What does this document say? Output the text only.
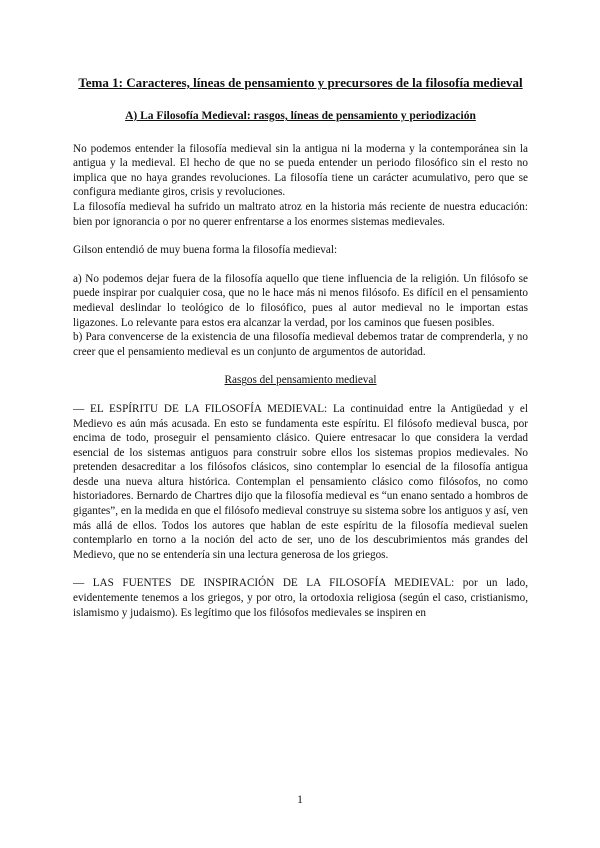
Tema 1: Caracteres, líneas de pensamiento y precursores de la filosofía medieval
A) La Filosofía Medieval: rasgos, líneas de pensamiento y periodización

No podemos entender la filosofía medieval sin la antigua ni la moderna y la contemporánea sin la antigua y la medieval. El hecho de que no se pueda entender un periodo filosófico sin el resto no implica que no haya grandes revoluciones. La filosofía tiene un carácter acumulativo, pero que se configura mediante giros, crisis y revoluciones.

La filosofía medieval ha sufrido un maltrato atroz en la historia más reciente de nuestra educación: bien por ignorancia o por no querer enfrentarse a los enormes sistemas medievales.

Gilson entendió de muy buena forma la filosofía medieval:

a) No podemos dejar fuera de la filosofía aquello que tiene influencia de la religión. Un filósofo se puede inspirar por cualquier cosa, que no le hace más ni menos filósofo. Es difícil en el pensamiento medieval deslindar lo teológico de lo filosófico, pues al autor medieval no le importan estas ligazones. Lo relevante para estos era alcanzar la verdad, por los caminos que fuesen posibles.

b) Para convencerse de la existencia de una filosofía medieval debemos tratar de comprenderla, y no creer que el pensamiento medieval es un conjunto de argumentos de autoridad.

Rasgos del pensamiento medieval

— EL ESPÍRITU DE LA FILOSOFÍA MEDIEVAL: La continuidad entre la Antigüedad y el Medievo es aún más acusada. En esto se fundamenta este espíritu. El filósofo medieval busca, por encima de todo, proseguir el pensamiento clásico. Quiere entresacar lo que considera la verdad esencial de los sistemas antiguos para construir sobre ellos los sistemas propios medievales. No pretenden desacreditar a los filósofos clásicos, sino contemplar lo esencial de la filosofía antigua desde una nueva altura histórica. Contemplan el pensamiento clásico como filósofos, no como historiadores. Bernardo de Chartres dijo que la filosofía medieval es “un enano sentado a hombros de gigantes”, en la medida en que el filósofo medieval construye su sistema sobre los antiguos y así, ven más allá de ellos. Todos los autores que hablan de este espíritu de la filosofía medieval suelen contemplarlo en torno a la noción del acto de ser, uno de los descubrimientos más grandes del Medievo, que no se entendería sin una lectura generosa de los griegos.

— LAS FUENTES DE INSPIRACIÓN DE LA FILOSOFÍA MEDIEVAL: por un lado, evidentemente tenemos a los griegos, y por otro, la ortodoxia religiosa (según el caso, cristianismo, islamismo y judaismo). Es legítimo que los filósofos medievales se inspiren en

1
